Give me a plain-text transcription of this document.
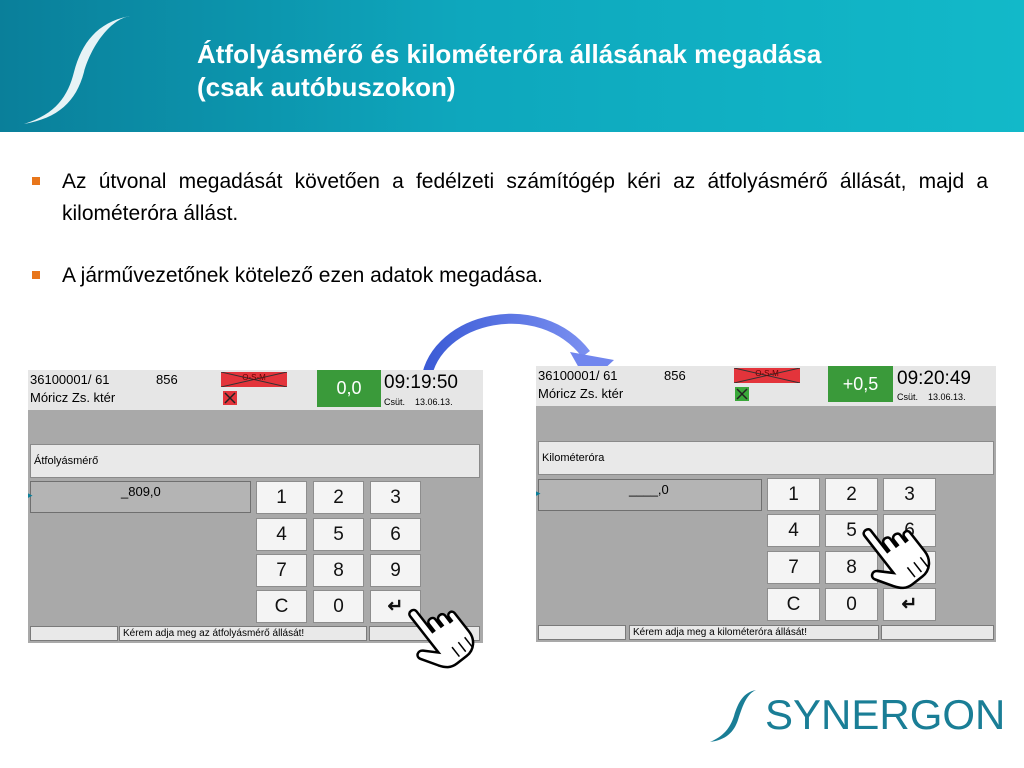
Átfolyásmérő és kilométeróra állásának megadása
(csak autóbuszokon)
Az útvonal megadását követően a fedélzeti számítógép kéri az átfolyásmérő állását, majd a kilométeróra állást.
A járművezetőnek kötelező ezen adatok megadása.
36100001/ 61	856
Móricz Zs. ktér
O-S-M
0,0	09:19:50
Csüt. 13.06.13.
Átfolyásmérő
▸	_809,0	1	2	3
4	5	6
7	8	9
C	0	↵
Kérem adja meg az átfolyásmérő állását!
36100001/ 61	856
Móricz Zs. ktér
O-S-M	+0,5 09:20:49
Csüt. 13.06.13.
Kilométeróra
▸	____,0	1	2	3
4	5	6
7	8
C	0	↵
Kérem adja meg a kilométeróra állását!
SYNERGON
